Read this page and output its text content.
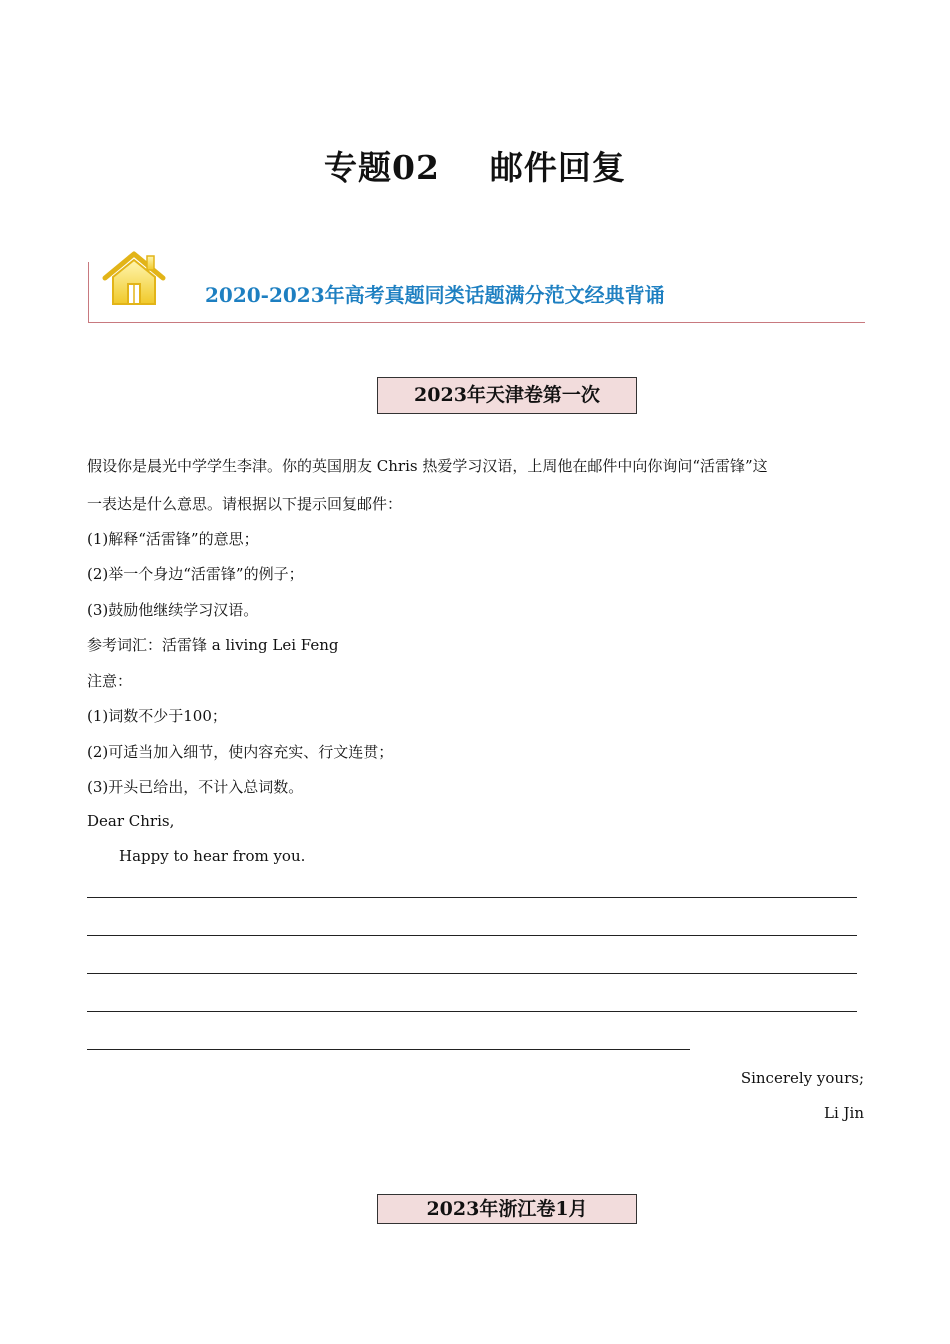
专题02    邮件回复
2020-2023年高考真题同类话题满分范文经典背诵
2023年天津卷第一次
假设你是晨光中学学生李津。你的英国朋友 Chris 热爱学习汉语，上周他在邮件中向你询问“活雷锋”这
一表达是什么意思。请根据以下提示回复邮件：
(1)解释“活雷锋”的意思；
(2)举一个身边“活雷锋”的例子；
(3)鼓励他继续学习汉语。
参考词汇：活雷锋 a living Lei Feng
注意：
(1)词数不少于100；
(2)可适当加入细节，使内容充实、行文连贯；
(3)开头已给出，不计入总词数。
Dear Chris,
Happy to hear from you.
Sincerely yours;
Li Jin
2023年浙江卷1月
